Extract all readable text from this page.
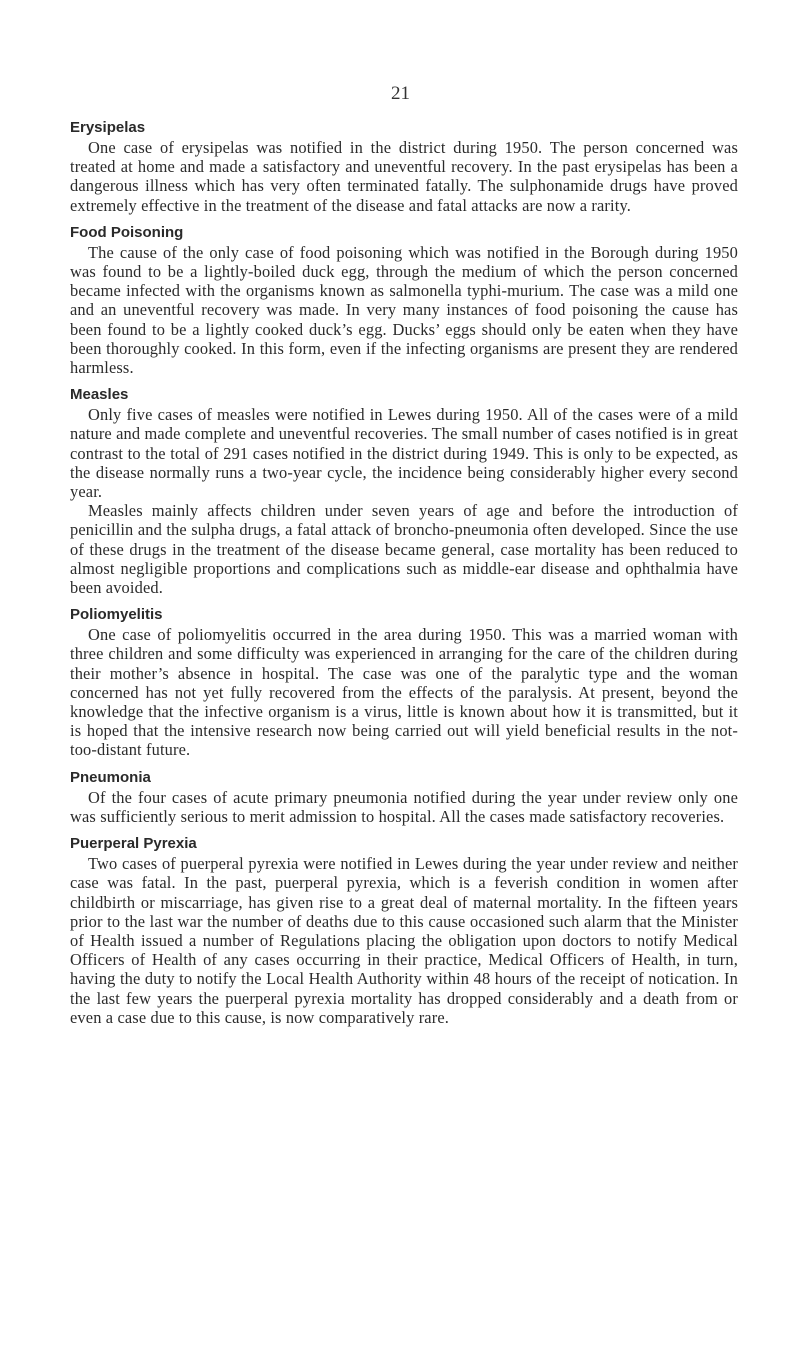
21
Erysipelas

One case of erysipelas was notified in the district during 1950. The person concerned was treated at home and made a satisfactory and uneventful recovery. In the past erysipelas has been a dangerous illness which has very often terminated fatally. The sulphonamide drugs have proved extremely effective in the treatment of the disease and fatal attacks are now a rarity.

Food Poisoning

The cause of the only case of food poisoning which was notified in the Borough during 1950 was found to be a lightly-boiled duck egg, through the medium of which the person concerned became infected with the organisms known as salmonella typhi-murium. The case was a mild one and an uneventful recovery was made. In very many instances of food poisoning the cause has been found to be a lightly cooked duck’s egg. Ducks’ eggs should only be eaten when they have been thoroughly cooked. In this form, even if the infecting organisms are present they are rendered harmless.

Measles

Only five cases of measles were notified in Lewes during 1950. All of the cases were of a mild nature and made complete and uneventful recoveries. The small number of cases notified is in great contrast to the total of 291 cases notified in the district during 1949. This is only to be expected, as the disease normally runs a two-year cycle, the incidence being considerably higher every second year.

Measles mainly affects children under seven years of age and before the introduction of penicillin and the sulpha drugs, a fatal attack of broncho-pneumonia often developed. Since the use of these drugs in the treatment of the disease became general, case mortality has been reduced to almost negligible proportions and complications such as middle-ear disease and ophthalmia have been avoided.

Poliomyelitis

One case of poliomyelitis occurred in the area during 1950. This was a married woman with three children and some difficulty was experienced in arranging for the care of the children during their mother’s absence in hospital. The case was one of the paralytic type and the woman concerned has not yet fully recovered from the effects of the paralysis. At present, beyond the knowledge that the infective organism is a virus, little is known about how it is transmitted, but it is hoped that the intensive research now being carried out will yield beneficial results in the not-too-distant future.

Pneumonia

Of the four cases of acute primary pneumonia notified during the year under review only one was sufficiently serious to merit admission to hospital. All the cases made satisfactory recoveries.

Puerperal Pyrexia

Two cases of puerperal pyrexia were notified in Lewes during the year under review and neither case was fatal. In the past, puerperal pyrexia, which is a feverish condition in women after childbirth or miscarriage, has given rise to a great deal of maternal mortality. In the fifteen years prior to the last war the number of deaths due to this cause occasioned such alarm that the Minister of Health issued a number of Regulations placing the obligation upon doctors to notify Medical Officers of Health of any cases occurring in their practice, Medical Officers of Health, in turn, having the duty to notify the Local Health Authority within 48 hours of the receipt of notication. In the last few years the puerperal pyrexia mortality has dropped considerably and a death from or even a case due to this cause, is now comparatively rare.
